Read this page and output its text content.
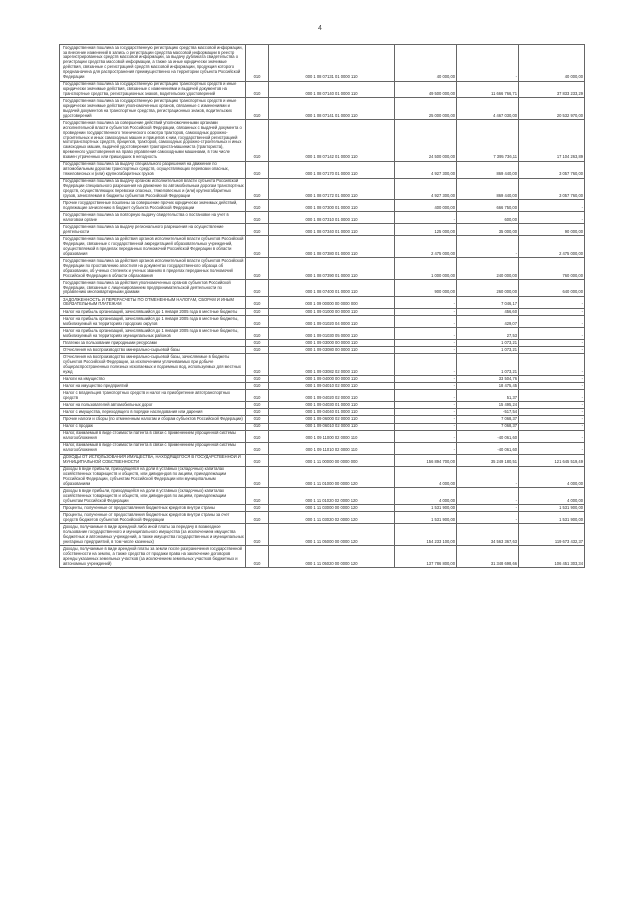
4
Государственная пошлина за государственную регистрацию средства массовой информации, за внесение изменений в запись о регистрации средства массовой информации в реестр зарегистрированных средств массовой информации, за выдачу дубликата свидетельства о регистрации средства массовой информации, а также за иные юридически значимые действия, связанные с регистрацией средств массовой информации, продукция которого предназначена для распространения преимущественно на территории субъекта Российской Федерации	010	000 1 08 07131 01 0000 110	40 000,00	-	40 000,00
Государственная пошлина за государственную регистрацию транспортных средств и иные юридически значимые действия, связанные с изменениями и выдачей документов на транспортные средства, регистрационных знаков, водительских удостоверений	010	000 1 08 07140 01 0000 110	49 500 000,00	11 666 766,71	37 833 233,29
Государственная пошлина за государственную регистрацию транспортных средств и иные юридически значимые действия уполномоченных органов, связанные с изменениями и выдачей документов на транспортные средства, регистрационных знаков, водительских удостоверений	010	000 1 08 07141 01 0000 110	25 000 000,00	4 467 030,00	20 532 970,00
Государственная пошлина за совершение действий уполномоченными органами исполнительной власти субъектов Российской Федерации, связанных с выдачей документа о проведении государственного технического осмотра тракторов, самоходных дорожно-строительных и иных самоходных машин и прицепов к ним, государственной регистрацией мототранспортных средств, прицепов, тракторов, самоходных дорожно-строительных и иных самоходных машин, выдачей удостоверения тракториста-машиниста (тракториста), временного удостоверения на право управления самоходными машинами, в том числе взамен утраченных или пришедших в негодность	010	000 1 08 07142 01 0000 110	24 500 000,00	7 395 736,11	17 104 263,89
Государственная пошлина за выдачу специального разрешения на движение по автомобильным дорогам транспортных средств, осуществляющих перевозки опасных, тяжеловесных и (или) крупногабаритных грузов	010	000 1 08 07170 01 0000 110	4 927 300,00	869 440,00	3 057 760,00
Государственная пошлина за выдачу органом исполнительной власти субъекта Российской Федерации специального разрешения на движение по автомобильным дорогам транспортных средств, осуществляющих перевозки опасных, тяжеловесных и (или) крупногабаритных грузов, зачисляемая в бюджеты субъектов Российской Федерации	010	000 1 08 07172 01 0000 110	4 927 300,00	869 440,00	3 057 760,00
Прочие государственные пошлины за совершение прочих юридически значимых действий, подлежащие зачислению в бюджет субъекта Российской Федерации	010	000 1 08 07300 01 0000 110	400 000,00	666 750,00	-
Государственная пошлина за повторную выдачу свидетельства о постановке на учет в налоговом органе	010	000 1 08 07310 01 0000 110	-	600,00	-
Государственная пошлина за выдачу регионального разрешения на осуществление деятельности	010	000 1 08 07340 01 0000 110	125 000,00	35 000,00	90 000,00
Государственная пошлина за действия органов исполнительной власти субъектов Российской Федерации, связанные с государственной аккредитацией образовательных учреждений, осуществляемой в пределах переданных полномочий Российской Федерации в области образования	010	000 1 08 07380 01 0000 110	2 475 000,00	-	2 475 000,00
Государственная пошлина за действия органов исполнительной власти субъектов Российской Федерации по проставлению апостиля на документах государственного образца об образовании, об ученых степенях и ученых званиях в пределах переданных полномочий Российской Федерации в области образования	010	000 1 08 07390 01 0000 110	1 000 000,00	240 000,00	760 000,00
Государственная пошлина за действия уполномоченных органов субъектов Российской Федерации, связанные с лицензированием предпринимательской деятельности по управлению многоквартирными домами	010	000 1 08 07400 01 0000 110	900 000,00	260 000,00	640 000,00
ЗАДОЛЖЕННОСТЬ И ПЕРЕРАСЧЕТЫ ПО ОТМЕНЕННЫМ НАЛОГАМ, СБОРАМ И ИНЫМ ОБЯЗАТЕЛЬНЫМ ПЛАТЕЖАМ	010	000 1 09 00000 00 0000 000	-	7 046,17	-
Налог на прибыль организаций, зачислявшийся до 1 января 2005 года в местные бюджеты	010	000 1 09 01000 00 0000 110	-	456,60	-
Налог на прибыль организаций, зачислявшийся до 1 января 2005 года в местные бюджеты, мобилизуемый на территориях городских округов	010	000 1 09 01020 04 0000 110	-	429,07	-
Налог на прибыль организаций, зачислявшийся до 1 января 2005 года в местные бюджеты, мобилизуемый на территориях муниципальных районов	010	000 1 09 01030 05 0000 110	-	27,53	-
Платежи за пользование природными ресурсами	010	000 1 09 03000 00 0000 110	-	1 073,21	-
Отчисления на воспроизводство минерально-сырьевой базы	010	000 1 09 03080 00 0000 110	-	1 073,21	-
Отчисления на воспроизводство минерально-сырьевой базы, зачисляемые в бюджеты субъектов Российской Федерации, за исключением уплачиваемых при добыче общераспространенных полезных ископаемых и подземных вод, используемых для местных нужд	010	000 1 09 03082 02 0000 110	-	1 073,21	-
Налоги на имущество	010	000 1 09 04000 00 0000 110	-	33 504,76	-
Налог на имущество предприятий	010	000 1 09 04010 02 0000 110	-	18 475,45	-
Налог с владельцев транспортных средств и налог на приобретение автотранспортных средств	010	000 1 09 04020 02 0000 110	-	51,37	-
Налог на пользователей автомобильных дорог	010	000 1 09 04030 01 0000 110	-	15 495,24	-
Налог с имущества, переходящего в порядке наследования или дарения	010	000 1 09 04040 01 0000 110	-	-517,54	-
Прочие налоги и сборы (по отмененным налогам и сборам субъектов Российской Федерации)	010	000 1 09 06000 02 0000 110	-	7 068,37	-
Налог с продаж	010	000 1 09 06010 02 0000 110	-	7 068,37	-
Налог, взимаемый в виде стоимости патента в связи с применением упрощенной системы налогообложения	010	000 1 09 11000 02 0000 110	-	-40 061,60	-
Налог, взимаемый в виде стоимости патента в связи с применением упрощенной системы налогообложения	010	000 1 09 11010 02 0000 110	-	-40 061,60	-
ДОХОДЫ ОТ ИСПОЛЬЗОВАНИЯ ИМУЩЕСТВА, НАХОДЯЩЕГОСЯ В ГОСУДАРСТВЕННОЙ И МУНИЦИПАЛЬНОЙ СОБСТВЕННОСТИ	010	000 1 11 00000 00 0000 000	156 894 700,00	35 249 180,51	121 645 519,49
Доходы в виде прибыли, приходящейся на доли в уставных (складочных) капиталах хозяйственных товариществ и обществ, или дивидендов по акциям, принадлежащим Российской Федерации, субъектам Российской Федерации или муниципальным образованиям	010	000 1 11 01000 00 0000 120	4 000,00	-	4 000,00
Доходы в виде прибыли, приходящейся на доли в уставных (складочных) капиталах хозяйственных товариществ и обществ, или дивидендов по акциям, принадлежащим субъектам Российской Федерации	010	000 1 11 01020 02 0000 120	4 000,00	-	4 000,00
Проценты, полученные от предоставления бюджетных кредитов внутри страны	010	000 1 11 03000 00 0000 120	1 531 900,00	-	1 531 900,00
Проценты, полученные от предоставления бюджетных кредитов внутри страны за счет средств бюджетов субъектов Российской Федерации	010	000 1 11 03020 02 0000 120	1 531 900,00	-	1 531 900,00
Доходы, получаемые в виде арендной либо иной платы за передачу в возмездное пользование государственного и муниципального имущества (за исключением имущества бюджетных и автономных учреждений, а также имущества государственных и муниципальных унитарных предприятий, в том числе казенных)	010	000 1 11 05000 00 0000 120	154 233 100,00	34 563 367,63	119 673 432,37
Доходы, получаемые в виде арендной платы за земли после разграничения государственной собственности на землю, а также средства от продажи права на заключение договоров аренды указанных земельных участков (за исключением земельных участков бюджетных и автономных учреждений)	010	000 1 11 05020 00 0000 120	137 786 800,00	31 348 698,66	106 451 303,34
